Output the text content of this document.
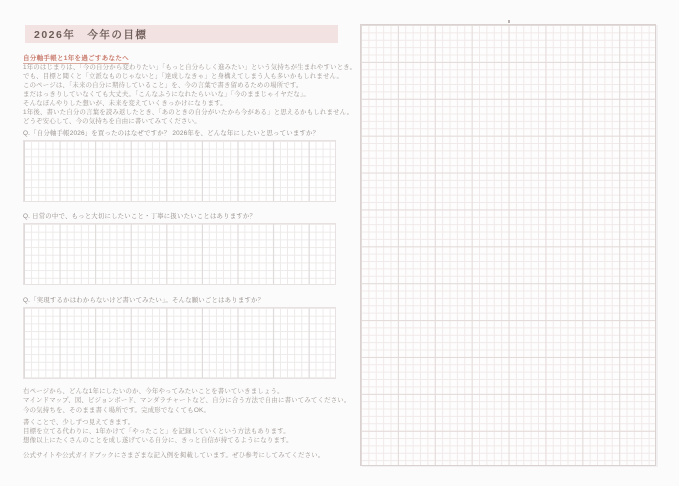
2026年　今年の目標
自分軸手帳と1年を過ごすあなたへ
1年のはじまりは、「今の自分から変わりたい」「もっと自分らしく進みたい」という気持ちが生まれやすいとき。
でも、目標と聞くと「立派なものじゃないと」「達成しなきゃ」と身構えてしまう人も多いかもしれません。
このページは、「未来の自分に期待していること」を、今の言葉で書き留めるための場所です。
まだはっきりしていなくても大丈夫。「こんなふうになれたらいいな」「今のままじゃイヤだな」。
そんなぼんやりした想いが、未来を変えていくきっかけになります。
1年後、書いた自分の言葉を読み返したとき、「あのときの自分がいたから今がある」と思えるかもしれません。
どうぞ安心して、今の気持ちを自由に書いてみてください。
Q.「自分軸手帳2026」を買ったのはなぜですか？ 2026年を、どんな年にしたいと思っていますか？
Q. 日常の中で、もっと大切にしたいこと・丁寧に扱いたいことはありますか？
Q.「実現するかはわからないけど書いてみたい」。そんな願いごとはありますか？
右ページから、どんな1年にしたいのか、今年やってみたいことを書いていきましょう。
マインドマップ、図、ビジョンボード、マンダラチャートなど、自分に合う方法で自由に書いてみてください。
今の気持ちを、そのまま書く場所です。完成形でなくてもOK。
書くことで、少しずつ見えてきます。
目標を立てる代わりに、1年かけて「やったこと」を記録していくという方法もあります。
想像以上にたくさんのことを成し遂げている自分に、きっと自信が持てるようになります。
公式サイトや公式ガイドブックにさまざまな記入例を掲載しています。ぜひ参考にしてみてください。
